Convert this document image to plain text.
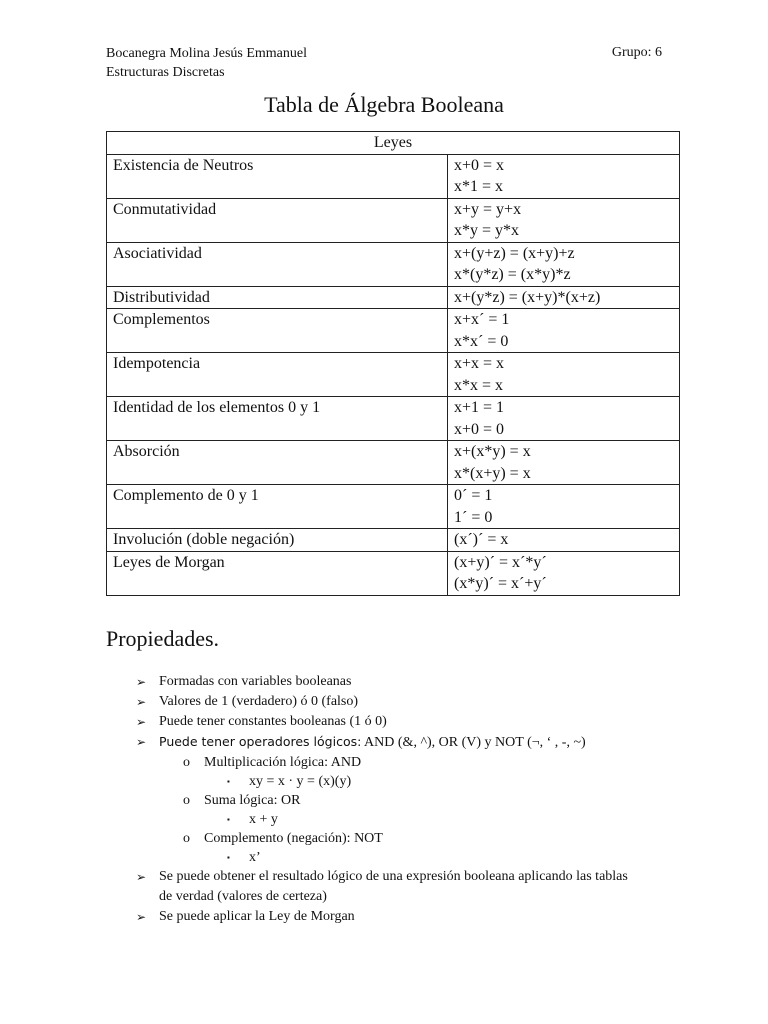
Bocanegra Molina Jesús Emmanuel
Estructuras Discretas
Grupo: 6
Tabla de Álgebra Booleana
Leyes	
Existencia de Neutros	x+0 = x
x*1 = x

Conmutatividad	x+y = y+x
x*y = y*x

Asociatividad	x+(y+z) = (x+y)+z
x*(y*z) = (x*y)*z

Distributividad	x+(y*z) = (x+y)*(x+z)

Complementos	x+x´ = 1
x*x´ = 0

Idempotencia	x+x = x
x*x = x

Identidad de los elementos 0 y 1	x+1 = 1
x+0 = 0

Absorción	x+(x*y) = x
x*(x+y) = x

Complemento de 0 y 1	0´ = 1
1´ = 0

Involución (doble negación)	(x´)´ = x

Leyes de Morgan	(x+y)´ = x´*y´
(x*y)´ = x´+y´
Propiedades.
➢ Formadas con variables booleanas
➢ Valores de 1 (verdadero) ó 0 (falso)
➢ Puede tener constantes booleanas (1 ó 0)
➢ Puede tener operadores lógicos: AND (&, ^), OR (V) y NOT (¬, ‘ , -, ~)
o Multiplicación lógica: AND
▪ xy = x · y = (x)(y)
o Suma lógica: OR
▪ x + y
o Complemento (negación): NOT
▪ x’
➢ Se puede obtener el resultado lógico de una expresión booleana aplicando las tablas
de verdad (valores de certeza)
➢ Se puede aplicar la Ley de Morgan
